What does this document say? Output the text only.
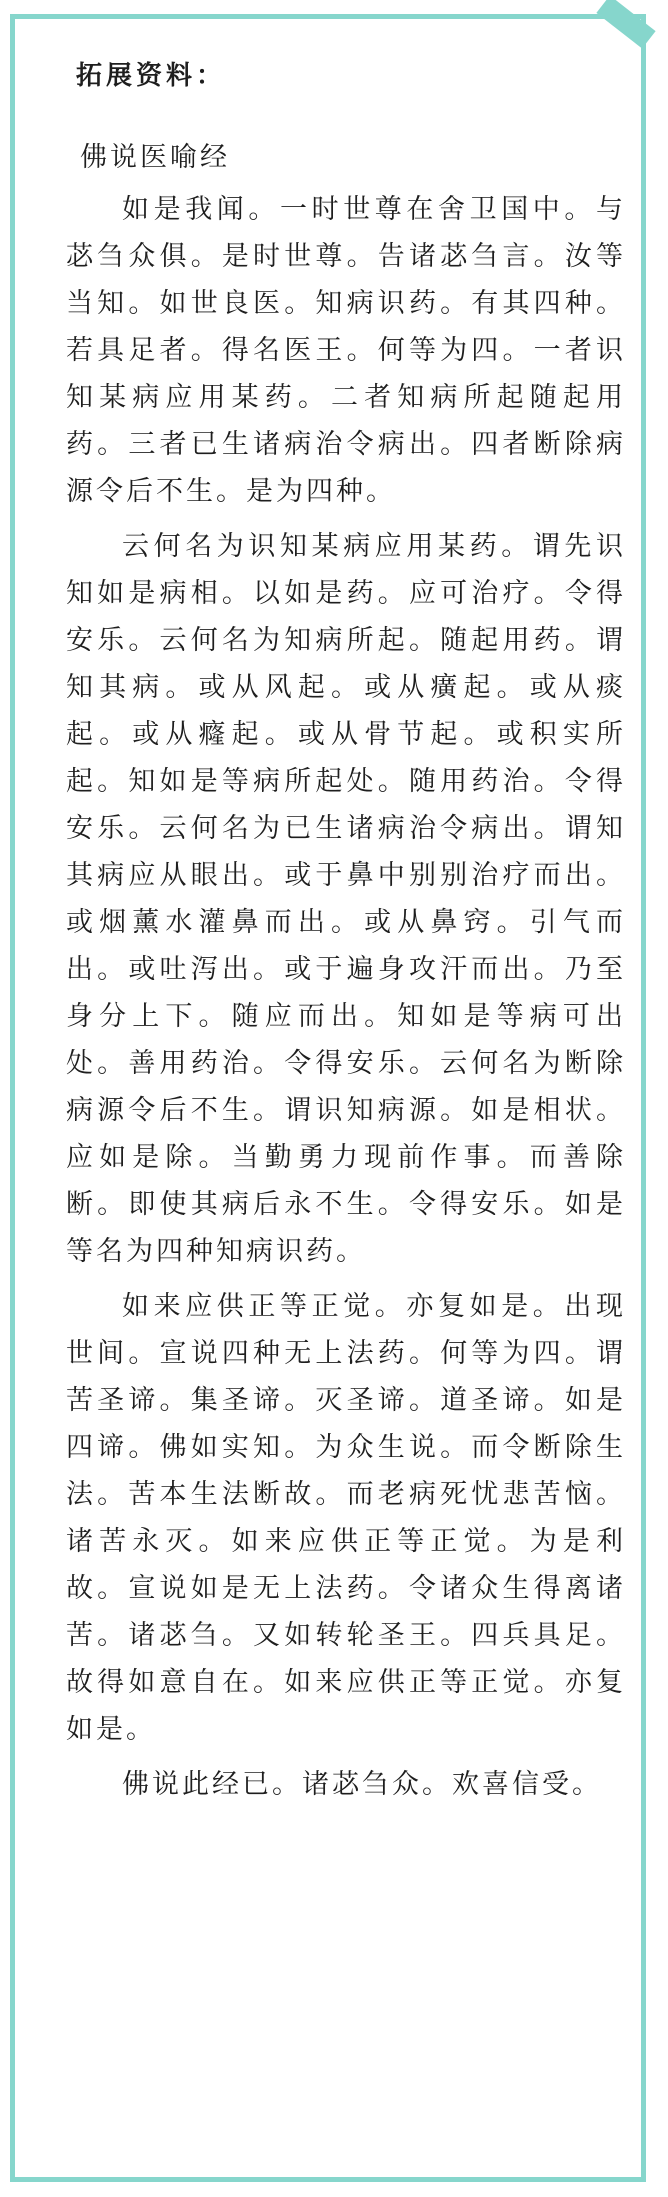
拓展资料：
佛说医喻经

如是我闻。一时世尊在舍卫国中。与苾刍众俱。是时世尊。告诸苾刍言。汝等当知。如世良医。知病识药。有其四种。若具足者。得名医王。何等为四。一者识知某病应用某药。二者知病所起随起用药。三者已生诸病治令病出。四者断除病源令后不生。是为四种。

云何名为识知某病应用某药。谓先识知如是病相。以如是药。应可治疗。令得安乐。云何名为知病所起。随起用药。谓知其病。或从风起。或从癀起。或从痰起。或从癃起。或从骨节起。或积实所起。知如是等病所起处。随用药治。令得安乐。云何名为已生诸病治令病出。谓知其病应从眼出。或于鼻中别别治疗而出。或烟薰水灌鼻而出。或从鼻窍。引气而出。或吐泻出。或于遍身攻汗而出。乃至身分上下。随应而出。知如是等病可出处。善用药治。令得安乐。云何名为断除病源令后不生。谓识知病源。如是相状。应如是除。当勤勇力现前作事。而善除断。即使其病后永不生。令得安乐。如是等名为四种知病识药。

如来应供正等正觉。亦复如是。出现世间。宣说四种无上法药。何等为四。谓苦圣谛。集圣谛。灭圣谛。道圣谛。如是四谛。佛如实知。为众生说。而令断除生法。苦本生法断故。而老病死忧悲苦恼。诸苦永灭。如来应供正等正觉。为是利故。宣说如是无上法药。令诸众生得离诸苦。诸苾刍。又如转轮圣王。四兵具足。故得如意自在。如来应供正等正觉。亦复如是。

佛说此经已。诸苾刍众。欢喜信受。
